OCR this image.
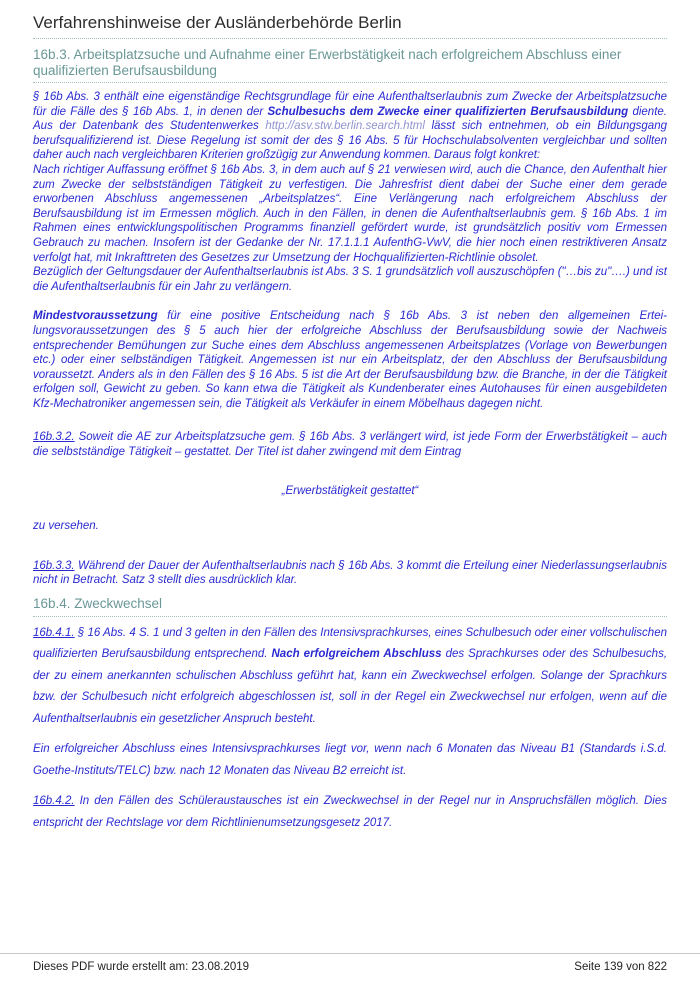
Verfahrenshinweise der Ausländerbehörde Berlin
16b.3. Arbeitsplatzsuche und Aufnahme einer Erwerbstätigkeit nach erfolgreichem Abschluss einer qualifizierten Berufsausbildung

§ 16b Abs. 3 enthält eine eigenständige Rechtsgrundlage für eine Aufenthaltserlaubnis zum Zwecke der Arbeitsplatzsuche für die Fälle des § 16b Abs. 1, in denen der Schulbesuchs dem Zwecke einer qualifizierten Berufsausbildung diente. Aus der Datenbank des Studentenwerkes http://asv.stw.berlin.search.html lässt sich entnehmen, ob ein Bildungsgang berufsqualifizierend ist. Diese Regelung ist somit der des § 16 Abs. 5 für Hochschulabsolventen vergleichbar und sollten daher auch nach vergleichbaren Kriterien großzügig zur Anwendung kommen. Daraus folgt konkret:

Nach richtiger Auffassung eröffnet § 16b Abs. 3, in dem auch auf § 21 verwiesen wird, auch die Chance, den Aufenthalt hier zum Zwecke der selbstständigen Tätigkeit zu verfestigen. Die Jahresfrist dient dabei der Suche einer dem gerade erworbenen Abschluss angemessenen „Arbeitsplatzes“. Eine Verlängerung nach erfolgreichem Abschluss der Berufsausbildung ist im Ermessen möglich. Auch in den Fällen, in denen die Aufenthaltserlaubnis gem. § 16b Abs. 1 im Rahmen eines entwicklungspolitischen Programms finanziell gefördert wurde, ist grundsätzlich positiv vom Ermessen Gebrauch zu machen. Insofern ist der Gedanke der Nr. 17.1.1.1 AufenthG-VwV, die hier noch einen restriktiveren Ansatz verfolgt hat, mit Inkrafttreten des Gesetzes zur Umsetzung der Hochqualifizierten-Richtlinie obsolet.

Bezüglich der Geltungsdauer der Aufenthaltserlaubnis ist Abs. 3 S. 1 grundsätzlich voll auszuschöpfen ("…bis zu"….) und ist die Aufenthaltserlaubnis für ein Jahr zu verlängern.

Mindestvoraussetzung für eine positive Entscheidung nach § 16b Abs. 3 ist neben den allgemeinen Ertei-lungsvoraussetzungen des § 5 auch hier der erfolgreiche Abschluss der Berufsausbildung sowie der Nachweis entsprechender Bemühungen zur Suche eines dem Abschluss angemessenen Arbeitsplatzes (Vorlage von Bewerbungen etc.) oder einer selbständigen Tätigkeit. Angemessen ist nur ein Arbeitsplatz, der den Abschluss der Berufsausbildung voraussetzt. Anders als in den Fällen des § 16 Abs. 5 ist die Art der Berufsausbildung bzw. die Branche, in der die Tätigkeit erfolgen soll, Gewicht zu geben. So kann etwa die Tätigkeit als Kundenberater eines Autohauses für einen ausgebildeten Kfz-Mechatroniker angemessen sein, die Tätigkeit als Verkäufer in einem Möbelhaus dagegen nicht.

16b.3.2. Soweit die AE zur Arbeitsplatzsuche gem. § 16b Abs. 3 verlängert wird, ist jede Form der Erwerbstätigkeit – auch die selbstständige Tätigkeit – gestattet. Der Titel ist daher zwingend mit dem Eintrag

„Erwerbstätigkeit gestattet“

zu versehen.

16b.3.3. Während der Dauer der Aufenthaltserlaubnis nach § 16b Abs. 3 kommt die Erteilung einer Niederlassungserlaubnis nicht in Betracht. Satz 3 stellt dies ausdrücklich klar.

16b.4. Zweckwechsel

16b.4.1. § 16 Abs. 4 S. 1 und 3 gelten in den Fällen des Intensivsprachkurses, eines Schulbesuch oder einer vollschulischen qualifizierten Berufsausbildung entsprechend. Nach erfolgreichem Abschluss des Sprachkurses oder des Schulbesuchs, der zu einem anerkannten schulischen Abschluss geführt hat, kann ein Zweckwechsel erfolgen. Solange der Sprachkurs bzw. der Schulbesuch nicht erfolgreich abgeschlossen ist, soll in der Regel ein Zweckwechsel nur erfolgen, wenn auf die Aufenthaltserlaubnis ein gesetzlicher Anspruch besteht.

Ein erfolgreicher Abschluss eines Intensivsprachkurses liegt vor, wenn nach 6 Monaten das Niveau B1 (Standards i.S.d. Goethe-Instituts/TELC) bzw. nach 12 Monaten das Niveau B2 erreicht ist.

16b.4.2. In den Fällen des Schüleraustausches ist ein Zweckwechsel in der Regel nur in Anspruchsfällen möglich. Dies entspricht der Rechtslage vor dem Richtlinienumsetzungsgesetz 2017.

Dieses PDF wurde erstellt am: 23.08.2019	Seite 139 von 822
